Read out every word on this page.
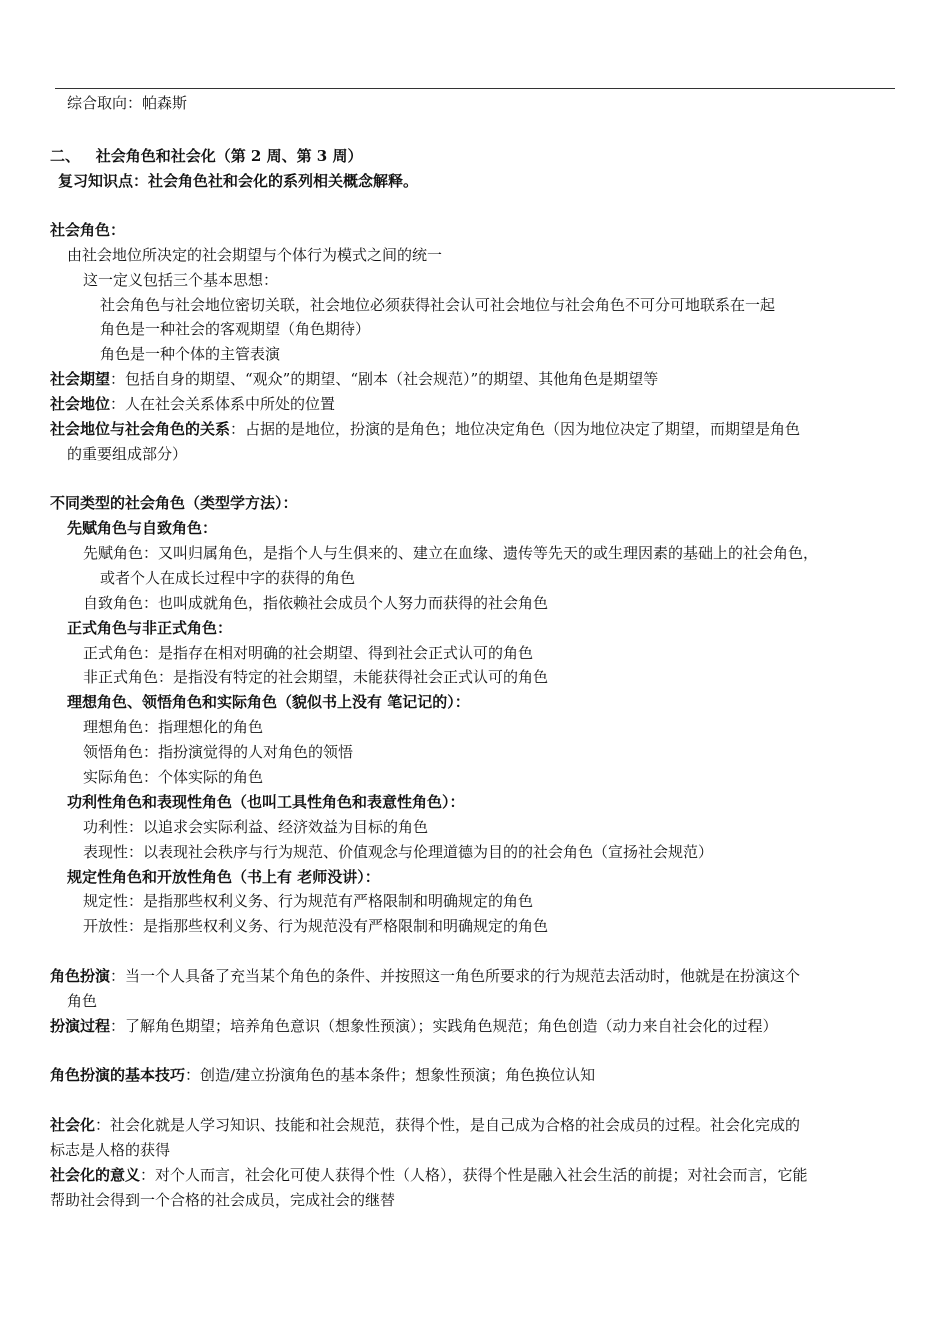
综合取向：帕森斯
二、 社会角色和社会化（第 2 周、第 3 周）
复习知识点：社会角色社和会化的系列相关概念解释。
社会角色：
由社会地位所决定的社会期望与个体行为模式之间的统一
这一定义包括三个基本思想：
社会角色与社会地位密切关联，社会地位必须获得社会认可社会地位与社会角色不可分可地联系在一起
角色是一种社会的客观期望（角色期待）
角色是一种个体的主管表演
社会期望：包括自身的期望、“观众”的期望、“剧本（社会规范）”的期望、其他角色是期望等
社会地位：人在社会关系体系中所处的位置
社会地位与社会角色的关系：占据的是地位，扮演的是角色；地位决定角色（因为地位决定了期望，而期望是角色
的重要组成部分）
不同类型的社会角色（类型学方法）：
先赋角色与自致角色：
先赋角色：又叫归属角色，是指个人与生俱来的、建立在血缘、遗传等先天的或生理因素的基础上的社会角色，
或者个人在成长过程中字的获得的角色
自致角色：也叫成就角色，指依赖社会成员个人努力而获得的社会角色
正式角色与非正式角色：
正式角色：是指存在相对明确的社会期望、得到社会正式认可的角色
非正式角色：是指没有特定的社会期望，未能获得社会正式认可的角色
理想角色、领悟角色和实际角色（貌似书上没有 笔记记的）：
理想角色：指理想化的角色
领悟角色：指扮演觉得的人对角色的领悟
实际角色：个体实际的角色
功利性角色和表现性角色（也叫工具性角色和表意性角色）：
功利性：以追求会实际利益、经济效益为目标的角色
表现性：以表现社会秩序与行为规范、价值观念与伦理道德为目的的社会角色（宣扬社会规范）
规定性角色和开放性角色（书上有 老师没讲）：
规定性：是指那些权利义务、行为规范有严格限制和明确规定的角色
开放性：是指那些权利义务、行为规范没有严格限制和明确规定的角色
角色扮演：当一个人具备了充当某个角色的条件、并按照这一角色所要求的行为规范去活动时，他就是在扮演这个
角色
扮演过程：了解角色期望；培养角色意识（想象性预演）；实践角色规范；角色创造（动力来自社会化的过程）
角色扮演的基本技巧：创造/建立扮演角色的基本条件；想象性预演；角色换位认知
社会化：社会化就是人学习知识、技能和社会规范，获得个性，是自己成为合格的社会成员的过程。社会化完成的
标志是人格的获得
社会化的意义：对个人而言，社会化可使人获得个性（人格），获得个性是融入社会生活的前提；对社会而言，它能
帮助社会得到一个合格的社会成员，完成社会的继替
